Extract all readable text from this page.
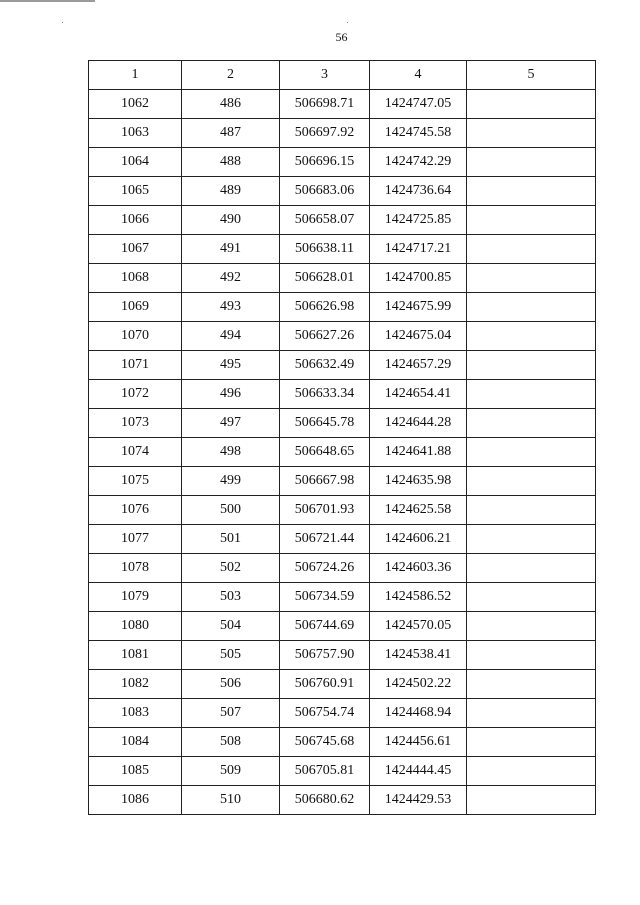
56
1	2	3	4	5
1062	486	506698.71	1424747.05	
1063	487	506697.92	1424745.58	
1064	488	506696.15	1424742.29	
1065	489	506683.06	1424736.64	
1066	490	506658.07	1424725.85	
1067	491	506638.11	1424717.21	
1068	492	506628.01	1424700.85	
1069	493	506626.98	1424675.99	
1070	494	506627.26	1424675.04	
1071	495	506632.49	1424657.29	
1072	496	506633.34	1424654.41	
1073	497	506645.78	1424644.28	
1074	498	506648.65	1424641.88	
1075	499	506667.98	1424635.98	
1076	500	506701.93	1424625.58	
1077	501	506721.44	1424606.21	
1078	502	506724.26	1424603.36	
1079	503	506734.59	1424586.52	
1080	504	506744.69	1424570.05	
1081	505	506757.90	1424538.41	
1082	506	506760.91	1424502.22	
1083	507	506754.74	1424468.94	
1084	508	506745.68	1424456.61	
1085	509	506705.81	1424444.45	
1086	510	506680.62	1424429.53	
